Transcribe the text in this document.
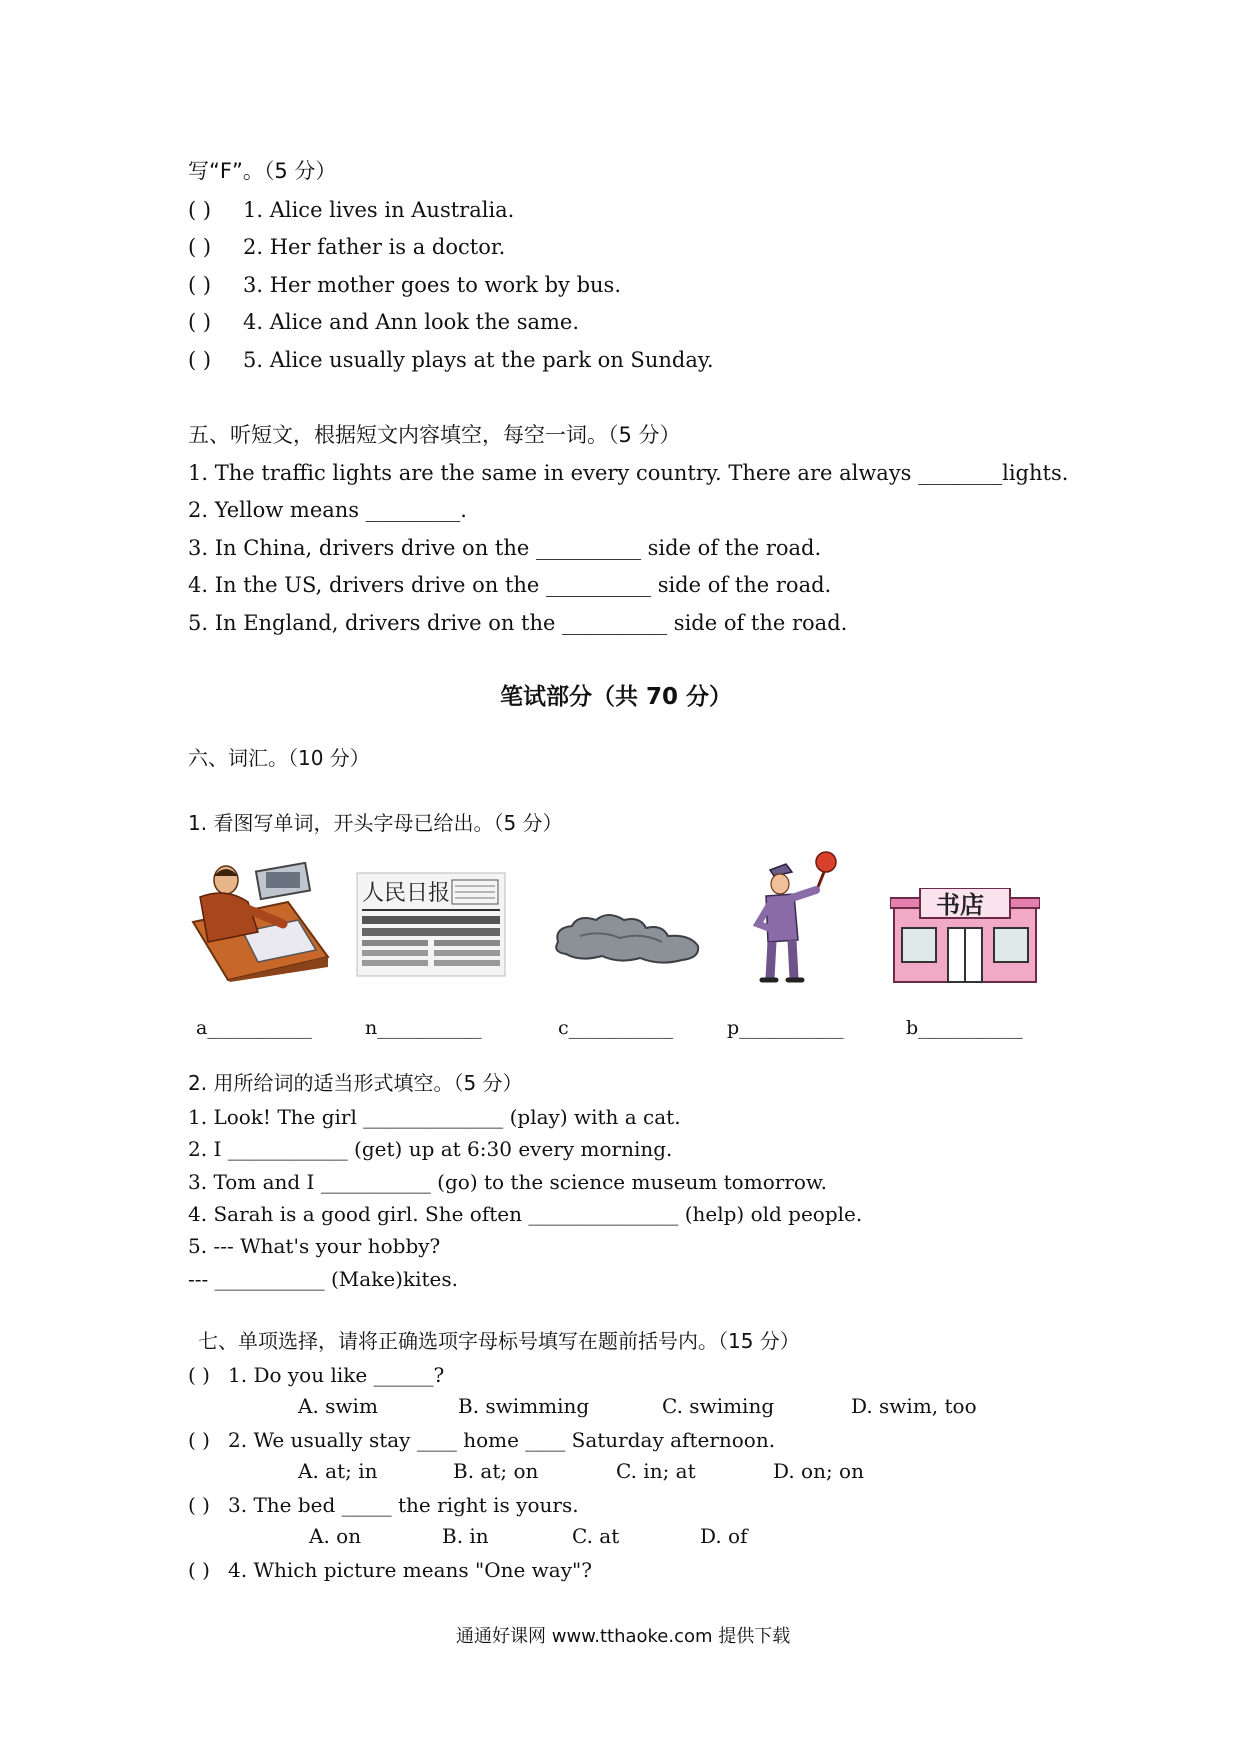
写“F”。（5 分）
( ) 1. Alice lives in Australia.
( ) 2. Her father is a doctor.
( ) 3. Her mother goes to work by bus.
( ) 4. Alice and Ann look the same.
( ) 5. Alice usually plays at the park on Sunday.
五、听短文，根据短文内容填空，每空一词。（5 分）
1. The traffic lights are the same in every country. There are always ________lights.
2. Yellow means _________.
3. In China, drivers drive on the __________ side of the road.
4. In the US, drivers drive on the __________ side of the road.
5. In England, drivers drive on the __________ side of the road.
笔试部分（共 70 分）
六、词汇。（10 分）
1. 看图写单词，开头字母已给出。（5 分）
人民日报	书店
a___________	n___________	c___________	p___________	b___________
2. 用所给词的适当形式填空。（5 分）
1. Look! The girl ______________ (play) with a cat.
2. I ____________ (get) up at 6:30 every morning.
3. Tom and I ___________ (go) to the science museum tomorrow.
4. Sarah is a good girl. She often _______________ (help) old people.
5. --- What's your hobby?
--- ___________ (Make)kites.
七、单项选择，请将正确选项字母标号填写在题前括号内。（15 分）
( ) 1. Do you like ______?
A. swim	B. swimming	C. swiming	D. swim, too
( ) 2. We usually stay ____ home ____ Saturday afternoon.
A. at; in	B. at; on	C. in; at	D. on; on
( ) 3. The bed _____ the right is yours.
A. on	B. in	C. at	D. of
( ) 4. Which picture means "One way"?
通通好课网 www.tthaoke.com 提供下载
